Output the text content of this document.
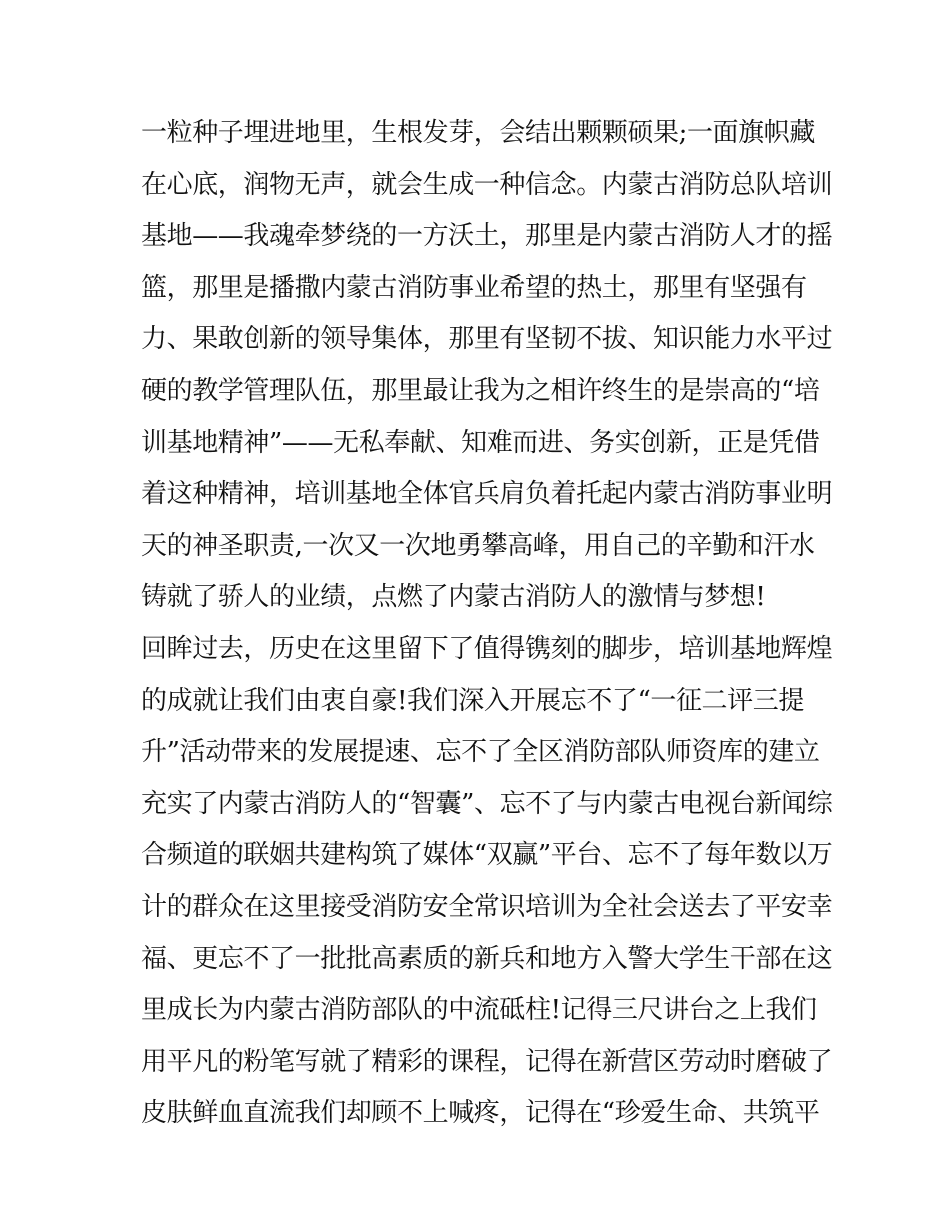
一粒种子埋进地里，生根发芽，会结出颗颗硕果;一面旗帜藏
在心底，润物无声，就会生成一种信念。内蒙古消防总队培训
基地——我魂牵梦绕的一方沃土，那里是内蒙古消防人才的摇
篮，那里是播撒内蒙古消防事业希望的热土，那里有坚强有
力、果敢创新的领导集体，那里有坚韧不拔、知识能力水平过
硬的教学管理队伍，那里最让我为之相许终生的是崇高的“培
训基地精神”——无私奉献、知难而进、务实创新，正是凭借
着这种精神，培训基地全体官兵肩负着托起内蒙古消防事业明
天的神圣职责,一次又一次地勇攀高峰，用自己的辛勤和汗水
铸就了骄人的业绩，点燃了内蒙古消防人的激情与梦想!
回眸过去，历史在这里留下了值得镌刻的脚步，培训基地辉煌
的成就让我们由衷自豪!我们深入开展忘不了“一征二评三提
升”活动带来的发展提速、忘不了全区消防部队师资库的建立
充实了内蒙古消防人的“智囊”、忘不了与内蒙古电视台新闻综
合频道的联姻共建构筑了媒体“双赢”平台、忘不了每年数以万
计的群众在这里接受消防安全常识培训为全社会送去了平安幸
福、更忘不了一批批高素质的新兵和地方入警大学生干部在这
里成长为内蒙古消防部队的中流砥柱!记得三尺讲台之上我们
用平凡的粉笔写就了精彩的课程，记得在新营区劳动时磨破了
皮肤鲜血直流我们却顾不上喊疼，记得在“珍爱生命、共筑平
